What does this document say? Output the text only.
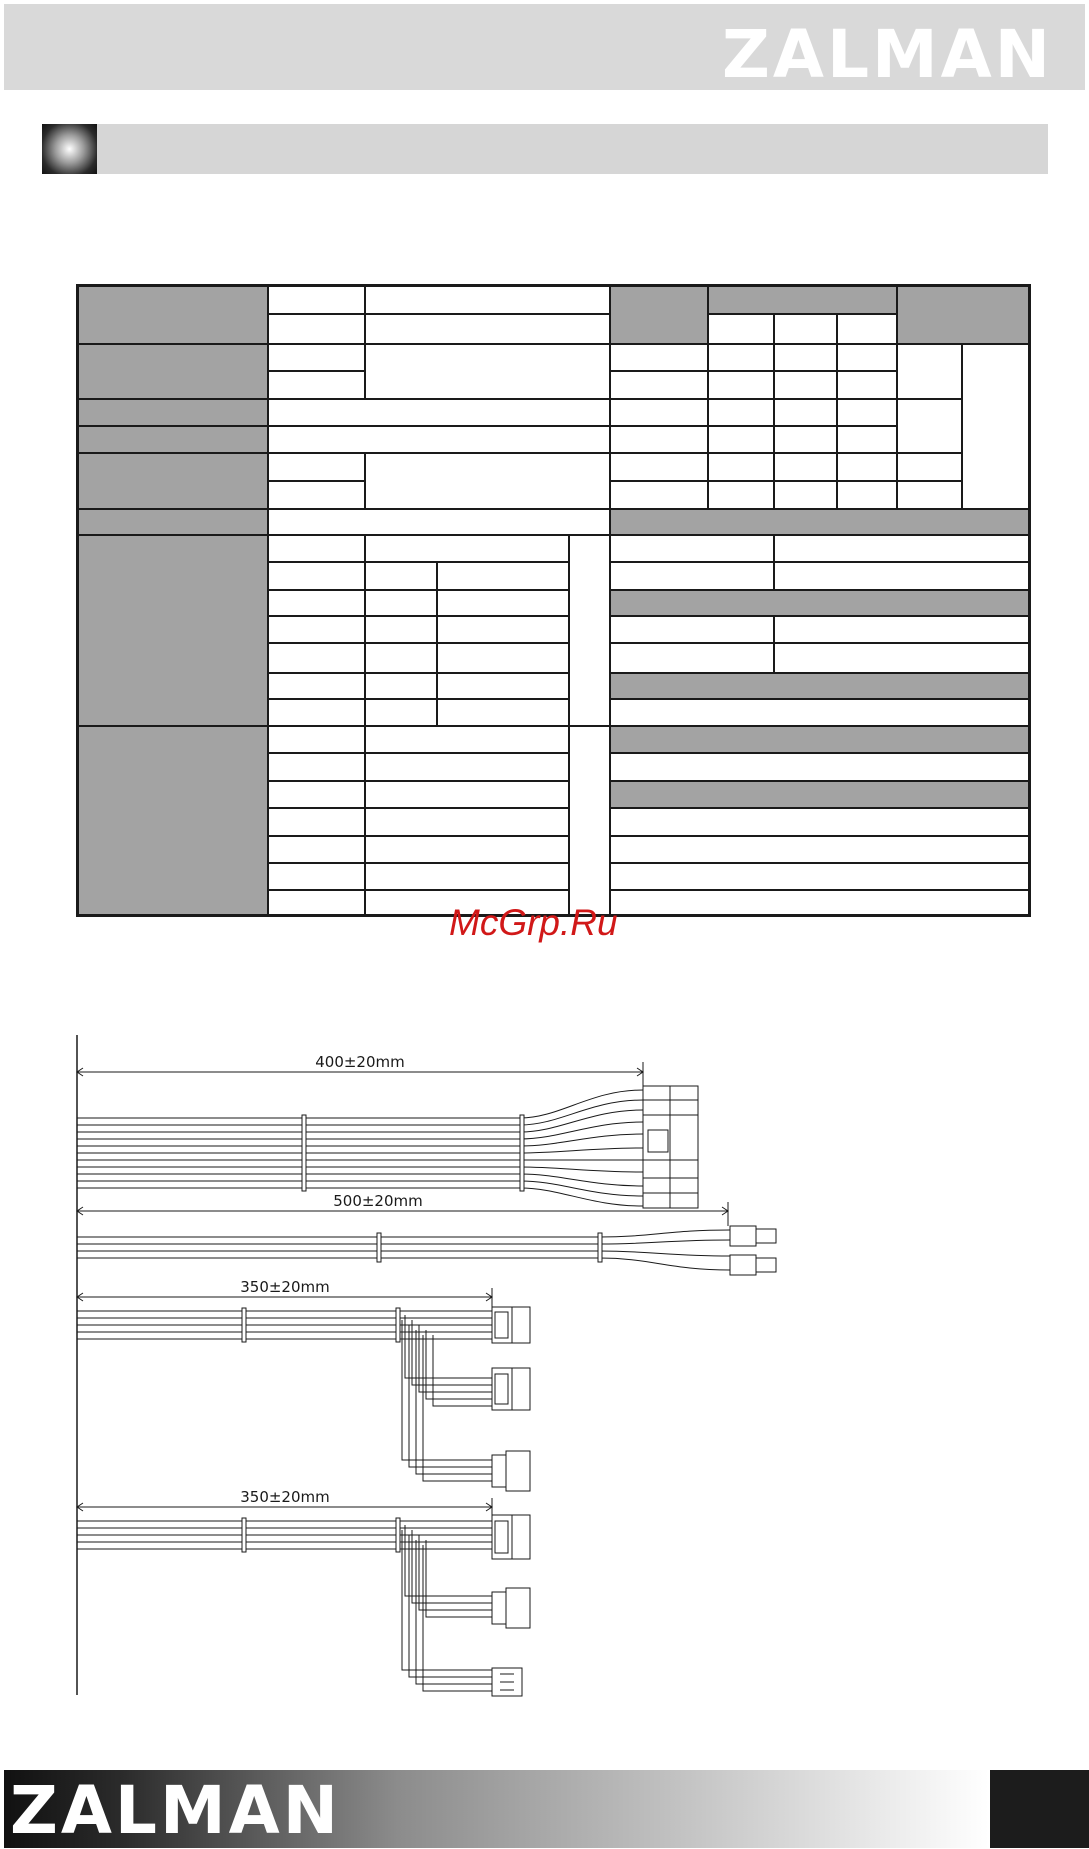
ZALMAN
McGrp.Ru
400±20mm
500±20mm
350±20mm
350±20mm
ZALMAN
